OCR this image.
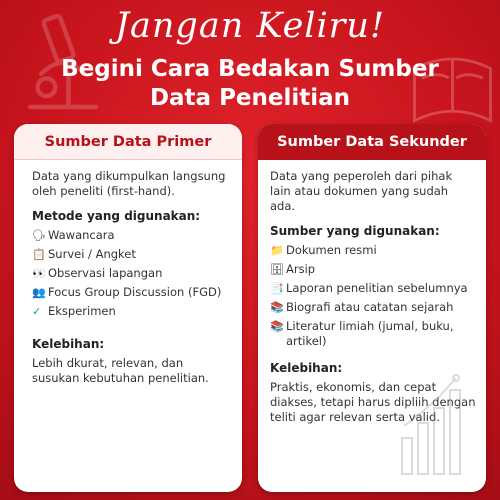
Jangan Keliru!
Begini Cara Bedakan Sumber
Data Penelitian
Sumber Data Primer
Data yang dikumpulkan langsung oleh peneliti (first-hand).
Metode yang digunakan:
🗣 Wawancara
📋 Survei / Angket
👀 Observasi lapangan
👥 Focus Group Discussion (FGD)
✓ Eksperimen
Kelebihan:
Lebih dkurat, relevan, dan susukan kebutuhan penelitian.
Sumber Data Sekunder
Data yang peperoleh dari pihak lain atau dokumen yang sudah ada.
Sumber yang digunakan:
📁 Dokumen resmi
🗄 Arsip
📑 Laporan penelitian sebelumnya
📚 Biografi atau catatan sejarah
📚 Literatur limiah (jumal, buku, artikel)
Kelebihan:
Praktis, ekonomis, dan cepat diakses, tetapi harus dipliih dengan teliti agar relevan serta valid.
